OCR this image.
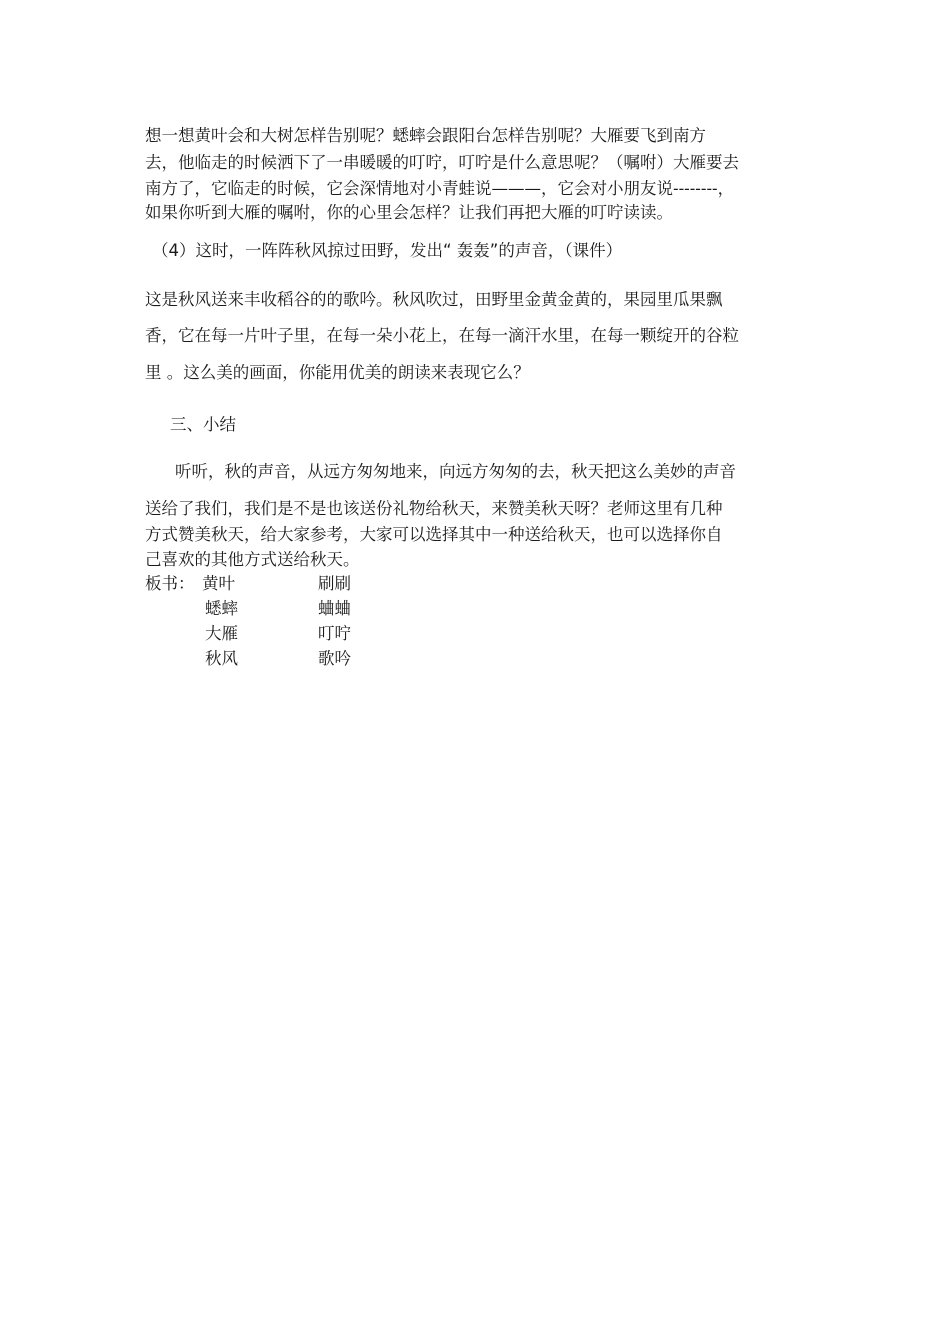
想一想黄叶会和大树怎样告别呢？蟋蟀会跟阳台怎样告别呢？大雁要飞到南方
去，他临走的时候洒下了一串暖暖的叮咛，叮咛是什么意思呢？（嘱咐）大雁要去
南方了，它临走的时候，它会深情地对小青蛙说———，它会对小朋友说--------，
如果你听到大雁的嘱咐，你的心里会怎样？让我们再把大雁的叮咛读读。
（4）这时，一阵阵秋风掠过田野，发出“ 轰轰”的声音，（课件）
这是秋风送来丰收稻谷的的歌吟。秋风吹过，田野里金黄金黄的，果园里瓜果飘
香，它在每一片叶子里，在每一朵小花上，在每一滴汗水里，在每一颗绽开的谷粒
里 。这么美的画面，你能用优美的朗读来表现它么？
三、小结
听听，秋的声音，从远方匆匆地来，向远方匆匆的去，秋天把这么美妙的声音
送给了我们，我们是不是也该送份礼物给秋天，来赞美秋天呀？老师这里有几种
方式赞美秋天，给大家参考，大家可以选择其中一种送给秋天，也可以选择你自
己喜欢的其他方式送给秋天。
板书： 黄叶	刷刷
蟋蟀	蛐蛐
大雁	叮咛
秋风	歌吟
